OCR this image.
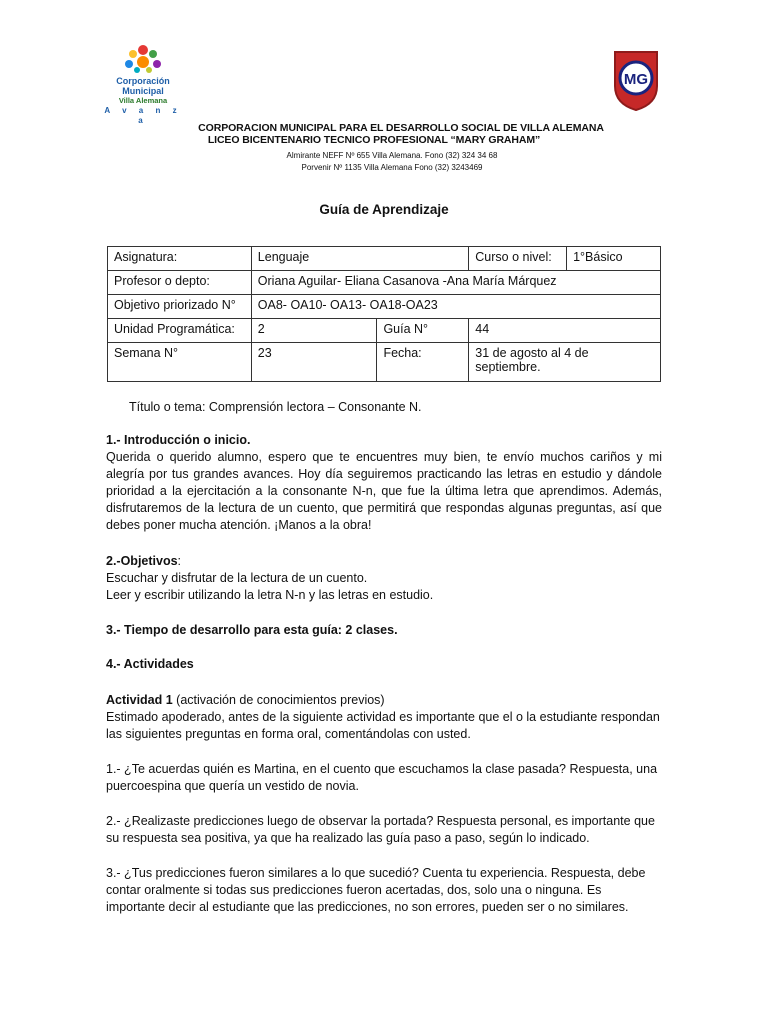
Corporación
Municipal
Villa Alemana
A v a n z a
MG
CORPORACION MUNICIPAL PARA EL DESARROLLO SOCIAL DE VILLA ALEMANA
LICEO BICENTENARIO TECNICO PROFESIONAL “MARY GRAHAM”
Almirante NEFF Nº 655 Villa Alemana. Fono (32) 324 34 68
Porvenir Nº 1135 Villa Alemana Fono (32) 3243469
Guía de Aprendizaje
Asignatura:	Lenguaje		Curso o nivel:	1°Básico
Profesor o depto:	Oriana Aguilar- Eliana Casanova -Ana María Márquez			
Objetivo priorizado N°	OA8- OA10- OA13- OA18-OA23			
Unidad Programática:	2	Guía N°	44	
Semana N°	23	Fecha:	31 de agosto al 4 de septiembre.	
Título o tema: Comprensión lectora – Consonante N.
1.- Introducción o inicio.
Querida o querido alumno, espero que te encuentres muy bien, te envío muchos cariños y mi alegría por tus grandes avances. Hoy día seguiremos practicando las letras en estudio y dándole prioridad a la ejercitación a la consonante N-n, que fue la última letra que aprendimos. Además, disfrutaremos de la lectura de un cuento, que permitirá que respondas algunas preguntas, así que debes poner mucha atención. ¡Manos a la obra!
2.-Objetivos:
Escuchar y disfrutar de la lectura de un cuento.
Leer y escribir utilizando la letra N-n y las letras en estudio.
3.- Tiempo de desarrollo para esta guía: 2 clases.
4.- Actividades
Actividad 1 (activación de conocimientos previos)
Estimado apoderado, antes de la siguiente actividad es importante que el o la estudiante respondan las siguientes preguntas en forma oral, comentándolas con usted.
1.- ¿Te acuerdas quién es Martina, en el cuento que escuchamos la clase pasada? Respuesta, una puercoespina que quería un vestido de novia.
2.- ¿Realizaste predicciones luego de observar la portada? Respuesta personal, es importante que su respuesta sea positiva, ya que ha realizado las guía paso a paso, según lo indicado.
3.- ¿Tus predicciones fueron similares a lo que sucedió? Cuenta tu experiencia. Respuesta, debe contar oralmente si todas sus predicciones fueron acertadas, dos, solo una o ninguna. Es importante decir al estudiante que las predicciones, no son errores, pueden ser o no similares.
